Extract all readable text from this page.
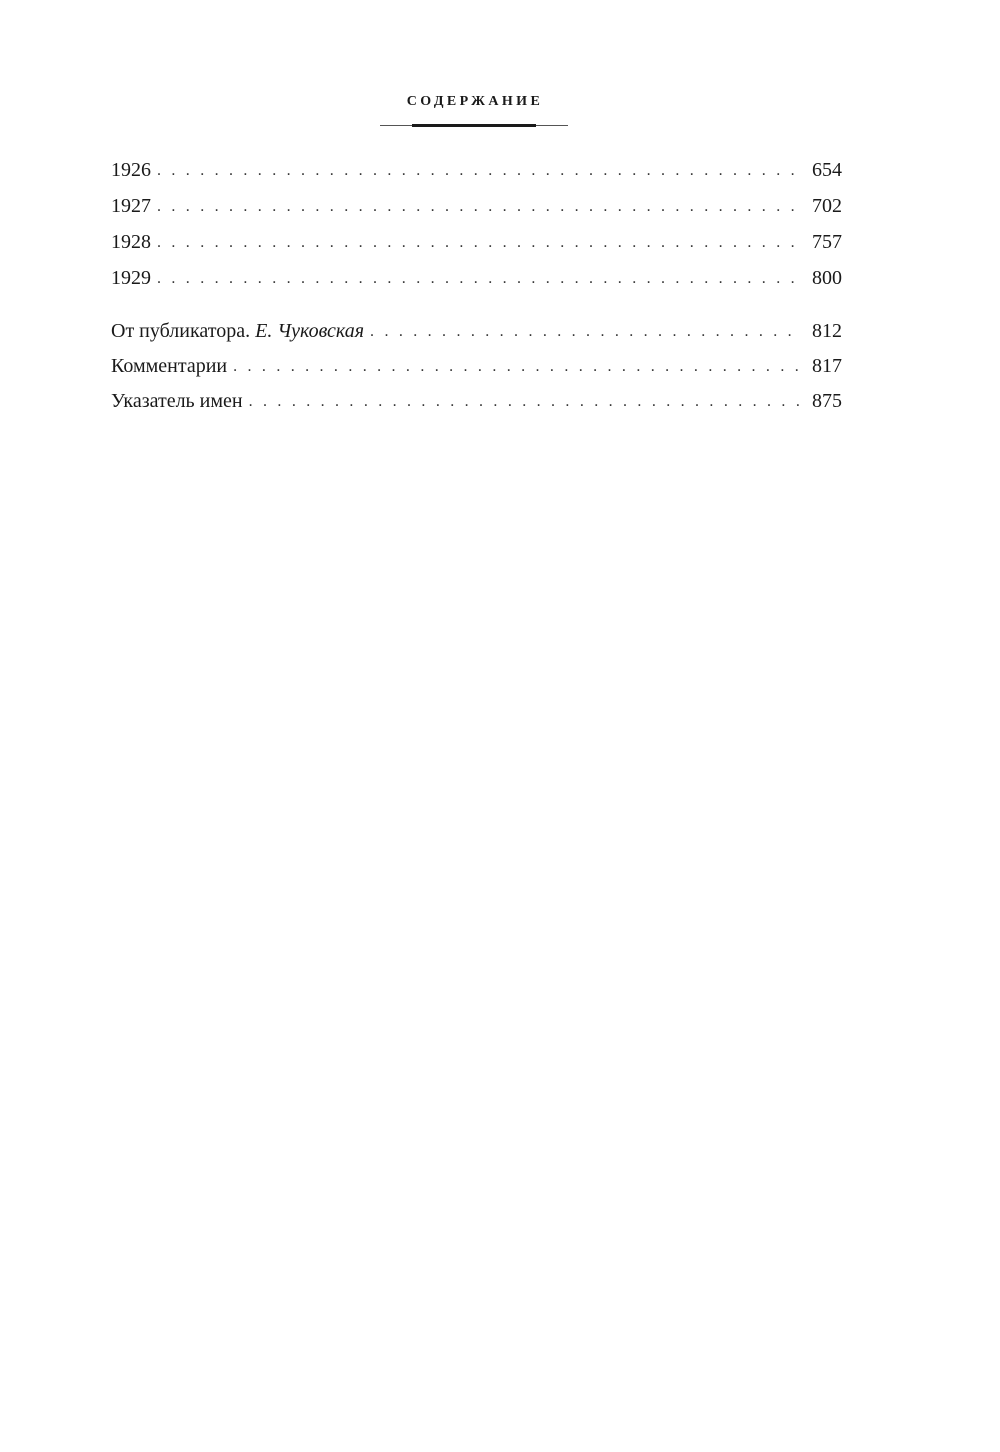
СОДЕРЖАНИЕ
1926 . . .	654
1927 . . .	702
1928 . . .	757
1929 . . .	800
От публикатора. Е. Чуковская . . .	812
Комментарии . . .	817
Указатель имен . . .	875
